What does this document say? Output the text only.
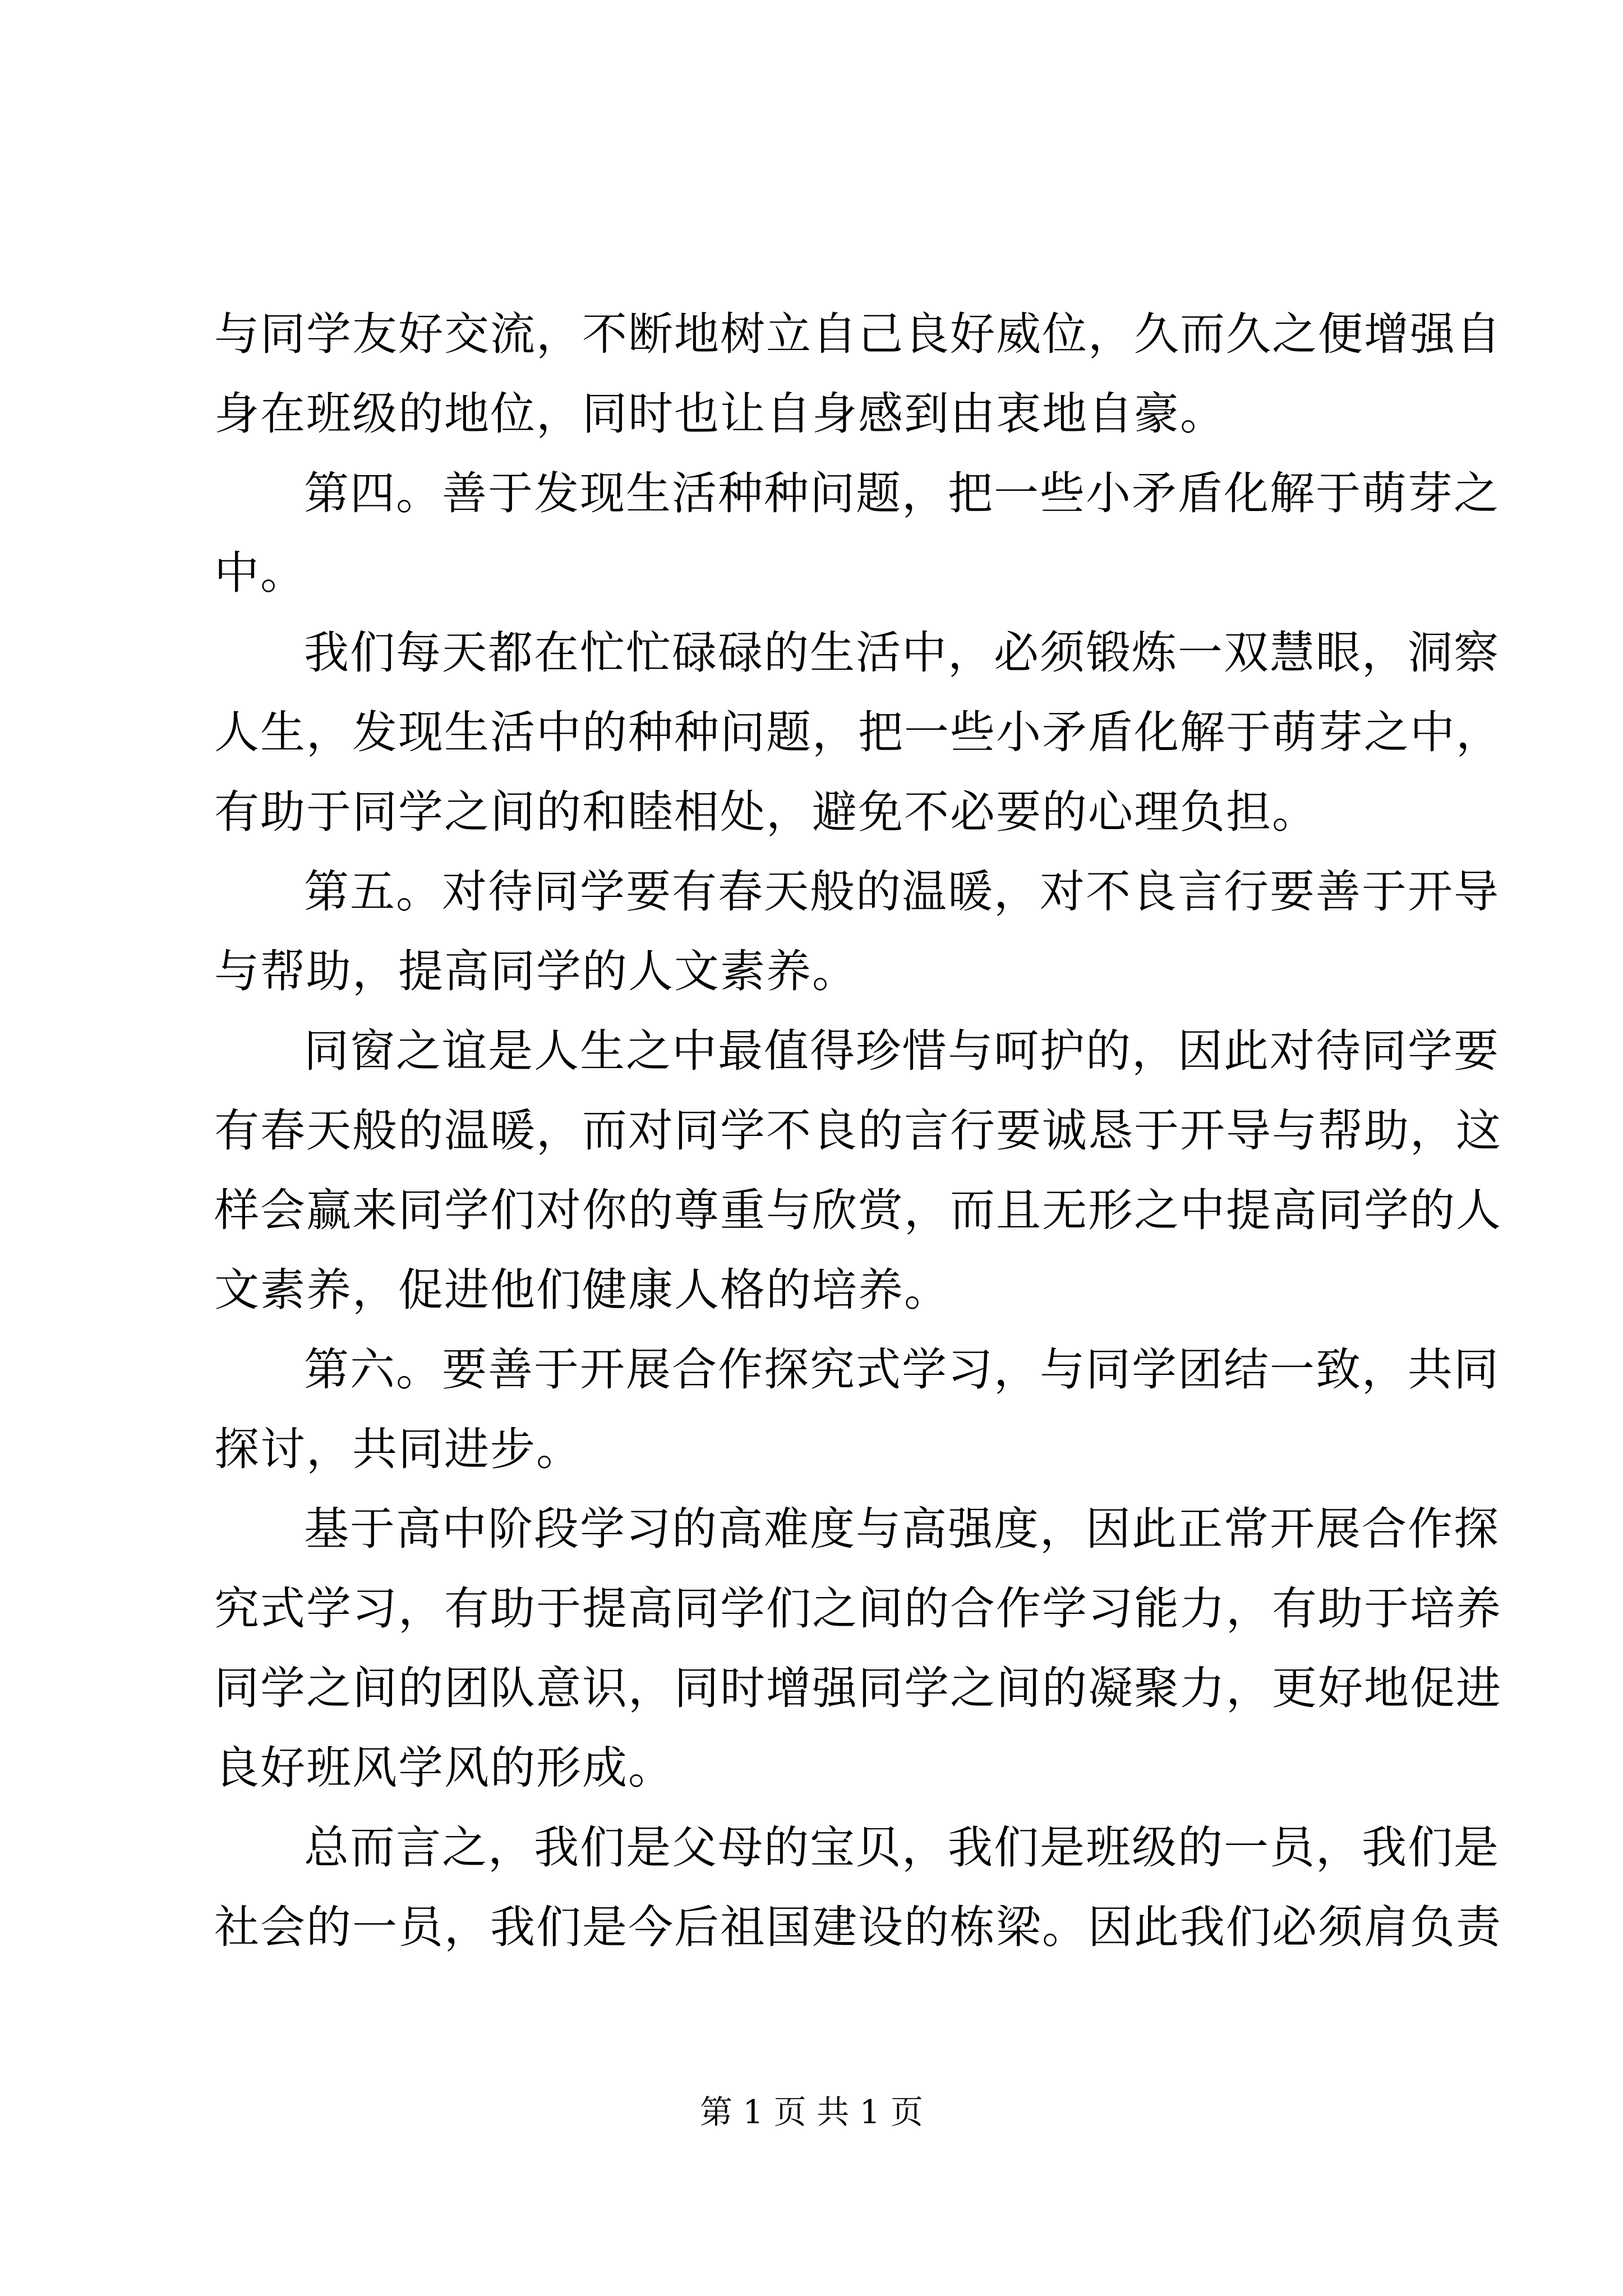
与同学友好交流，不断地树立自己良好威位，久而久之便增强自
身在班级的地位，同时也让自身感到由衷地自豪。
第四。善于发现生活种种问题，把一些小矛盾化解于萌芽之
中。
我们每天都在忙忙碌碌的生活中，必须锻炼一双慧眼，洞察
人生，发现生活中的种种问题，把一些小矛盾化解于萌芽之中，
有助于同学之间的和睦相处，避免不必要的心理负担。
第五。对待同学要有春天般的温暖，对不良言行要善于开导
与帮助，提高同学的人文素养。
同窗之谊是人生之中最值得珍惜与呵护的，因此对待同学要
有春天般的温暖，而对同学不良的言行要诚恳于开导与帮助，这
样会赢来同学们对你的尊重与欣赏，而且无形之中提高同学的人
文素养，促进他们健康人格的培养。
第六。要善于开展合作探究式学习，与同学团结一致，共同
探讨，共同进步。
基于高中阶段学习的高难度与高强度，因此正常开展合作探
究式学习，有助于提高同学们之间的合作学习能力，有助于培养
同学之间的团队意识，同时增强同学之间的凝聚力，更好地促进
良好班风学风的形成。
总而言之，我们是父母的宝贝，我们是班级的一员，我们是
社会的一员，我们是今后祖国建设的栋梁。因此我们必须肩负责
第 1 页 共 1 页
